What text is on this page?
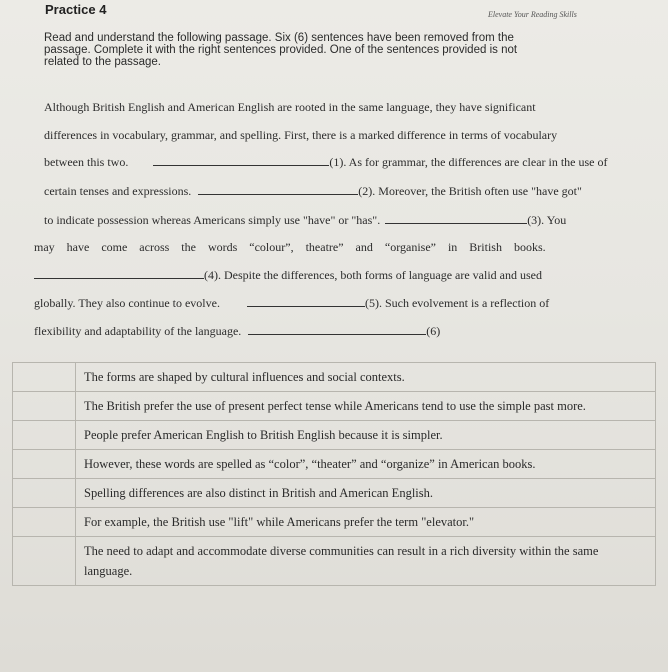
Practice 4	Elevate Your Reading Skills
Read and understand the following passage. Six (6) sentences have been removed from the
passage. Complete it with the right sentences provided. One of the sentences provided is not
related to the passage.
Although British English and American English are rooted in the same language, they have significant
differences in vocabulary, grammar, and spelling. First, there is a marked difference in terms of vocabulary
between this two.	(1). As for grammar, the differences are clear in the use of
certain tenses and expressions.	(2). Moreover, the British often use "have got"
to indicate possession whereas Americans simply use "have" or "has".	(3). You
may have come across the words “colour”, theatre” and “organise” in British books.
(4). Despite the differences, both forms of language are valid and used
globally. They also continue to evolve.	(5). Such evolvement is a reflection of
flexibility and adaptability of the language.	(6)
	The forms are shaped by cultural influences and social contexts.
	The British prefer the use of present perfect tense while Americans tend to use the simple past more.
	People prefer American English to British English because it is simpler.
	However, these words are spelled as “color”, “theater” and “organize” in American books.
	Spelling differences are also distinct in British and American English.
	For example, the British use "lift" while Americans prefer the term "elevator."
	The need to adapt and accommodate diverse communities can result in a rich diversity within the same language.
